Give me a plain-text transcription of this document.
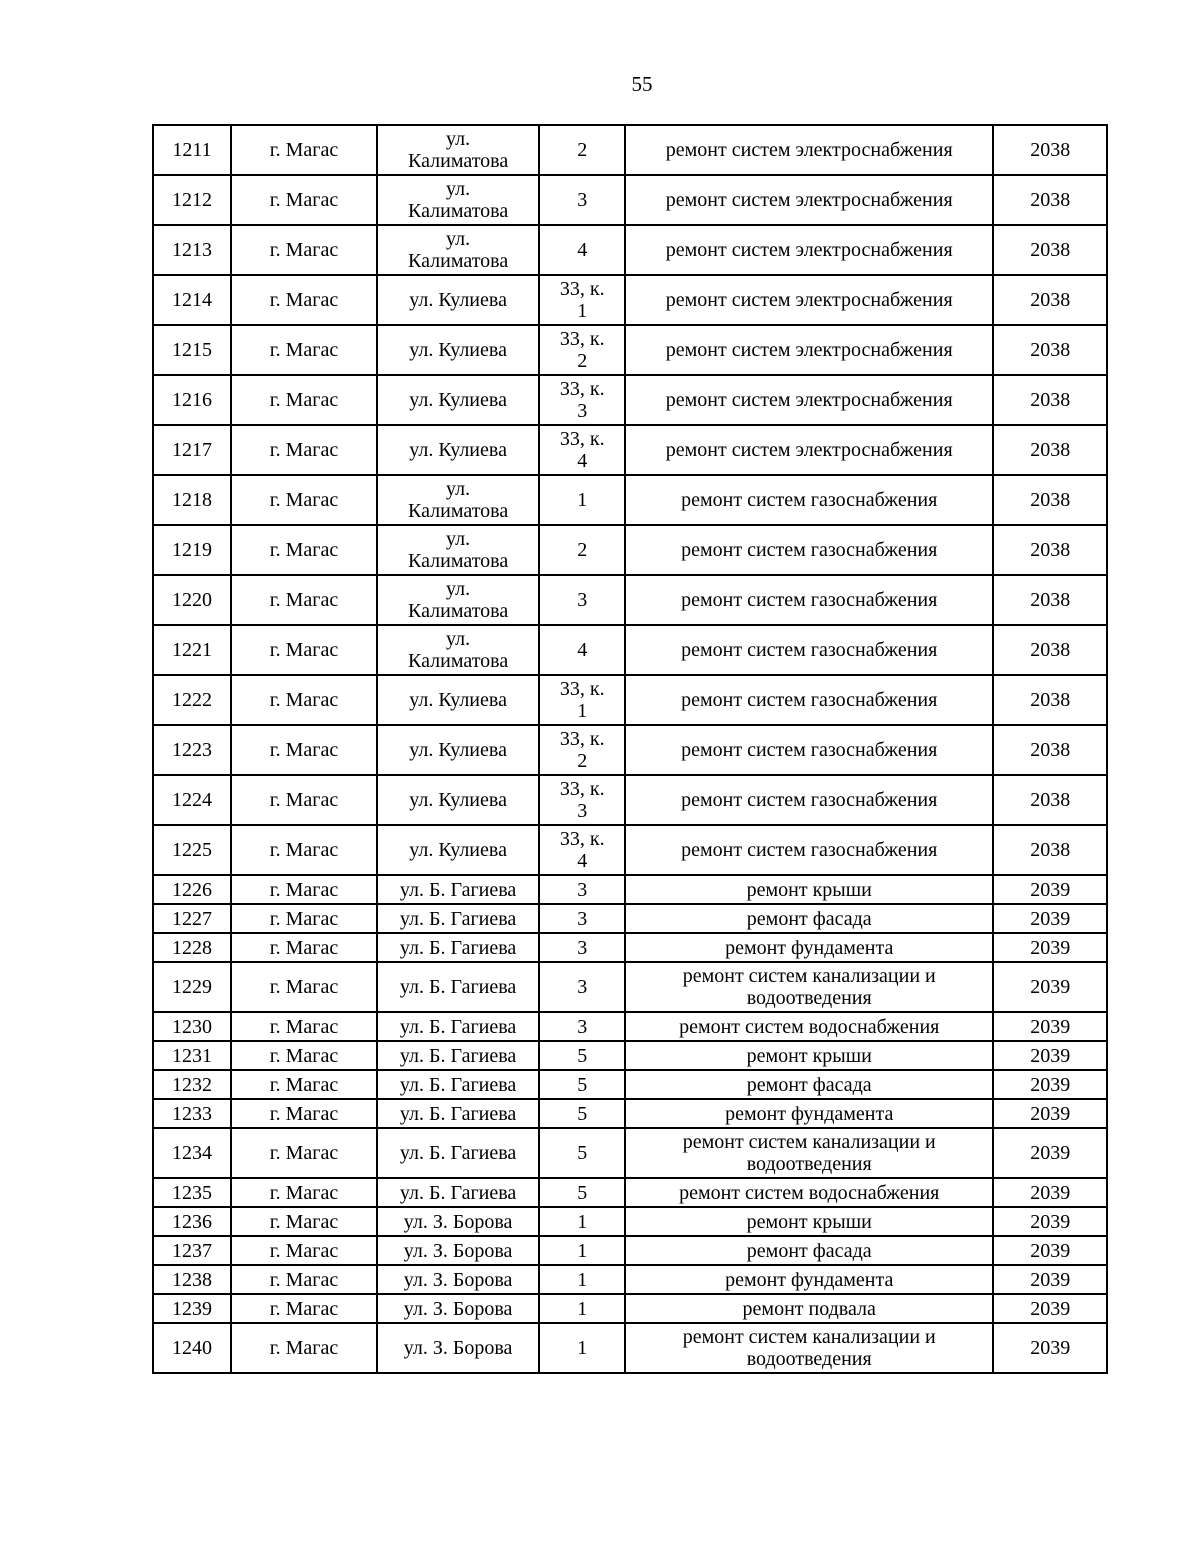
55
1211	г. Магас	ул. Калиматова	2	ремонт систем электроснабжения	2038
1212	г. Магас	ул. Калиматова	3	ремонт систем электроснабжения	2038
1213	г. Магас	ул. Калиматова	4	ремонт систем электроснабжения	2038
1214	г. Магас	ул. Кулиева	33, к. 1	ремонт систем электроснабжения	2038
1215	г. Магас	ул. Кулиева	33, к. 2	ремонт систем электроснабжения	2038
1216	г. Магас	ул. Кулиева	33, к. 3	ремонт систем электроснабжения	2038
1217	г. Магас	ул. Кулиева	33, к. 4	ремонт систем электроснабжения	2038
1218	г. Магас	ул. Калиматова	1	ремонт систем газоснабжения	2038
1219	г. Магас	ул. Калиматова	2	ремонт систем газоснабжения	2038
1220	г. Магас	ул. Калиматова	3	ремонт систем газоснабжения	2038
1221	г. Магас	ул. Калиматова	4	ремонт систем газоснабжения	2038
1222	г. Магас	ул. Кулиева	33, к. 1	ремонт систем газоснабжения	2038
1223	г. Магас	ул. Кулиева	33, к. 2	ремонт систем газоснабжения	2038
1224	г. Магас	ул. Кулиева	33, к. 3	ремонт систем газоснабжения	2038
1225	г. Магас	ул. Кулиева	33, к. 4	ремонт систем газоснабжения	2038
1226	г. Магас	ул. Б. Гагиева	3	ремонт крыши	2039
1227	г. Магас	ул. Б. Гагиева	3	ремонт фасада	2039
1228	г. Магас	ул. Б. Гагиева	3	ремонт фундамента	2039
1229	г. Магас	ул. Б. Гагиева	3	ремонт систем канализации и водоотведения	2039
1230	г. Магас	ул. Б. Гагиева	3	ремонт систем водоснабжения	2039
1231	г. Магас	ул. Б. Гагиева	5	ремонт крыши	2039
1232	г. Магас	ул. Б. Гагиева	5	ремонт фасада	2039
1233	г. Магас	ул. Б. Гагиева	5	ремонт фундамента	2039
1234	г. Магас	ул. Б. Гагиева	5	ремонт систем канализации и водоотведения	2039
1235	г. Магас	ул. Б. Гагиева	5	ремонт систем водоснабжения	2039
1236	г. Магас	ул. З. Борова	1	ремонт крыши	2039
1237	г. Магас	ул. З. Борова	1	ремонт фасада	2039
1238	г. Магас	ул. З. Борова	1	ремонт фундамента	2039
1239	г. Магас	ул. З. Борова	1	ремонт подвала	2039
1240	г. Магас	ул. З. Борова	1	ремонт систем канализации и водоотведения	2039
